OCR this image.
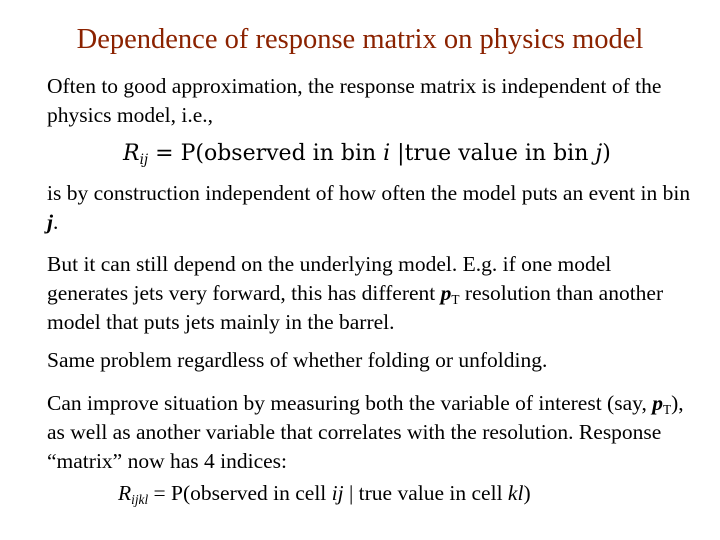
Dependence of response matrix on physics model
Often to good approximation, the response matrix is independent of the physics model, i.e.,
$R_{ij}$ = P(observed in bin i |true value in bin j)
is by construction independent of how often the model puts an event in bin j.
But it can still depend on the underlying model. E.g. if one model generates jets very forward, this has different $p_T$ resolution than another model that puts jets mainly in the barrel.
Same problem regardless of whether folding or unfolding.
Can improve situation by measuring both the variable of interest (say, $p_T$), as well as another variable that correlates with the resolution. Response “matrix” now has 4 indices:
$R_{ijkl}$ = P(observed in cell ij | true value in cell kl)
